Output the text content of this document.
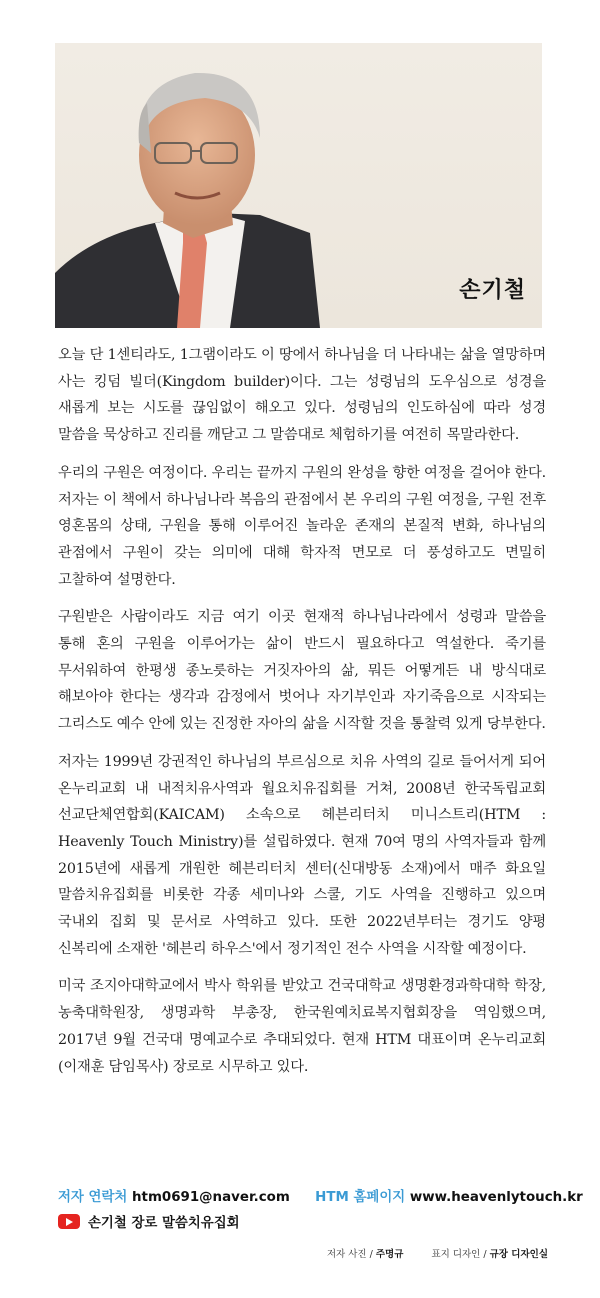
손기철

오늘 단 1센티라도, 1그램이라도 이 땅에서 하나님을 더 나타내는 삶을 열망하며 사는 킹덤 빌더(Kingdom builder)이다. 그는 성령님의 도우심으로 성경을 새롭게 보는 시도를 끊임없이 해오고 있다. 성령님의 인도하심에 따라 성경 말씀을 묵상하고 진리를 깨닫고 그 말씀대로 체험하기를 여전히 목말라한다.

우리의 구원은 여정이다. 우리는 끝까지 구원의 완성을 향한 여정을 걸어야 한다. 저자는 이 책에서 하나님나라 복음의 관점에서 본 우리의 구원 여정을, 구원 전후 영혼몸의 상태, 구원을 통해 이루어진 놀라운 존재의 본질적 변화, 하나님의 관점에서 구원이 갖는 의미에 대해 학자적 면모로 더 풍성하고도 면밀히 고찰하여 설명한다.

구원받은 사람이라도 지금 여기 이곳 현재적 하나님나라에서 성령과 말씀을 통해 혼의 구원을 이루어가는 삶이 반드시 필요하다고 역설한다. 죽기를 무서워하여 한평생 종노릇하는 거짓자아의 삶, 뭐든 어떻게든 내 방식대로 해보아야 한다는 생각과 감정에서 벗어나 자기부인과 자기죽음으로 시작되는 그리스도 예수 안에 있는 진정한 자아의 삶을 시작할 것을 통찰력 있게 당부한다.

저자는 1999년 강권적인 하나님의 부르심으로 치유 사역의 길로 들어서게 되어 온누리교회 내 내적치유사역과 월요치유집회를 거쳐, 2008년 한국독립교회 선교단체연합회(KAICAM) 소속으로 헤븐리터치 미니스트리(HTM : Heavenly Touch Ministry)를 설립하였다. 현재 70여 명의 사역자들과 함께 2015년에 새롭게 개원한 헤븐리터치 센터(신대방동 소재)에서 매주 화요일 말씀치유집회를 비롯한 각종 세미나와 스쿨, 기도 사역을 진행하고 있으며 국내외 집회 및 문서로 사역하고 있다. 또한 2022년부터는 경기도 양평 신복리에 소재한 '헤븐리 하우스'에서 정기적인 전수 사역을 시작할 예정이다.

미국 조지아대학교에서 박사 학위를 받았고 건국대학교 생명환경과학대학 학장, 농축대학원장, 생명과학 부총장, 한국원예치료복지협회장을 역임했으며, 2017년 9월 건국대 명예교수로 추대되었다. 현재 HTM 대표이며 온누리교회(이재훈 담임목사) 장로로 시무하고 있다.

저자 연락처 htm0691@naver.com HTM 홈페이지 www.heavenlytouch.kr
손기철 장로 말씀치유집회
저자 사진 / 주명규	표지 디자인 / 규장 디자인실
